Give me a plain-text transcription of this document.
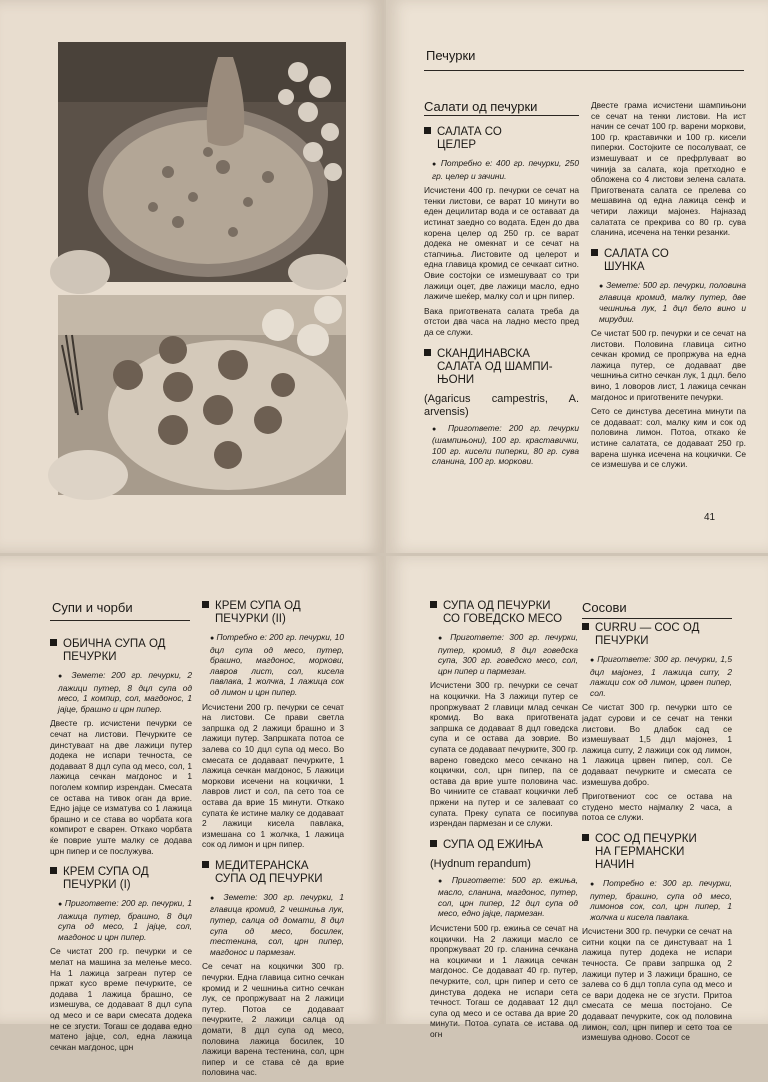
Печурки
Салати од печурки
САЛАТА СО
ЦЕЛЕР

● Потребно е: 400 гр. печурки, 250 гр. целер и зачини.

Исчистени 400 гр. печурки се сечат на тенки листови, се варат 10 минути во еден децилитар вода и се оставаат да истинат заедно со водата. Еден до два корена целер од 250 гр. се варат додека не омекнат и се сечат на стапчиња. Листовите од целерот и една главица кромид се сечкаат ситно. Овие состојки се измешуваат со три лажици оцет, две лажици масло, едно лажиче шеќер, малку сол и црн пипер.

Вака приготвената салата треба да отстои два часа на ладно место пред да се служи.

СКАНДИНАВСКА
САЛАТА ОД ШАМПИ-
ЊОНИ
(Agaricus campestris, A. arvensis)

● Пригответе: 200 гр. печурки (шампињони), 100 гр. краставички, 100 гр. кисели пиперки, 80 гр. сува сланина, 100 гр. моркови.

Двесте грама исчистени шампињони се сечат на тенки листови. На ист начин се сечат 100 гр. варени моркови, 100 гр. краставички и 100 гр. кисели пиперки. Состојките се посолуваат, се измешуваат и се префрлуваат во чинија за салата, која претходно е обложена со 4 листови зелена салата. Приготвената салата се прелева со мешавина од една лажица сенф и четири лажици мајонез. Најназад салатата се прекрива со 80 гр. сува сланина, исечена на тенки резанки.

САЛАТА СО
ШУНКА

● Земете: 500 гр. печурки, половина главица кромид, малку путер, две чешниња лук, 1 дцл бело вино и мирудии.

Се чистат 500 гр. печурки и се сечат на листови. Половина главица ситно сечкан кромид се пропржува на една лажица путер, се додаваат две чешниња ситно сечкан лук, 1 дцл. бело вино, 1 ловоров лист, 1 лажица сечкан магдонос и приготвените печурки.

Сето се динстува десетина минути па се додаваат: сол, малку ким и сок од половина лимон. Потоа, откако ќе истине салатата, се додаваат 250 гр. варена шунка исечена на коцкички. Се се измешува и се служи.

41
Супи и чорби
ОБИЧНА СУПА ОД
ПЕЧУРКИ

● Земете: 200 гр. печурки, 2 лажици путер, 8 дцл супа од месо, 1 компир, сол, магдонос, 1 јајце, брашно и црн пипер.

Двесте гр. исчистени печурки се сечат на листови. Печурките се динстуваат на две лажици путер додека не испари течноста, се додаваат 8 дцл супа од месо, сол, 1 лажица сечкан магдонос и 1 поголем компир изрендан. Смесата се остава на тивок оган да врие. Едно јајце се изматува со 1 лажица брашно и се става во чорбата кога компирот е сварен. Откако чорбата ќе поврие уште малку се додава црн пипер и се послужува.

КРЕМ СУПА ОД
ПЕЧУРКИ (I)

● Пригответе: 200 гр. печурки, 1 лажица путер, брашно, 8 дцл супа од месо, 1 јајце, сол, магдонос и црн пипер.

Се чистат 200 гр. печурки и се мелат на машина за мелење месо. На 1 лажица загреан путер се пржат кусо време печурките, се додава 1 лажица брашно, се измешува, се додаваат 8 дцл супа од месо и се вари смесата додека не се згусти. Тогаш се додава едно матено јајце, сол, една лажица сечкан магдонос, црн

КРЕМ СУПА ОД
ПЕЧУРКИ (II)

● Потребно е: 200 гр. печурки, 10 дцл супа од месо, путер, брашно, магдонос, моркови, лавров лист, сол, кисела павлака, 1 жолчка, 1 лажица сок од лимон и црн пипер.

Исчистени 200 гр. печурки се сечат на листови. Се прави светла запршка од 2 лажици брашно и 3 лажици путер. Запршката потоа се залева со 10 дцл супа од месо. Во смесата се додаваат печурките, 1 лажица сечкан магдонос, 5 лажици моркови исечени на коцкички, 1 лавров лист и сол, па сето тоа се остава да врие 15 минути. Откако супата ќе истине малку се додаваат 2 лажици кисела павлака, измешана со 1 жолчка, 1 лажица сок од лимон и црн пипер.

МЕДИТЕРАНСКА
СУПА ОД ПЕЧУРКИ

● Земете: 300 гр. печурки, 1 главица кромид, 2 чешниња лук, путер, салца од домати, 8 дцл супа од месо, босилек, тестенина, сол, црн пипер, магдонос и пармезан.

Се сечат на коцкички 300 гр. печурки. Една главица ситно сечкан кромид и 2 чешниња ситно сечкан лук, се пропржуваат на 2 лажици путер. Потоа се додаваат печурките, 2 лажици салца од домати, 8 дцл супа од месо, половина лажица босилек, 10 лажици варена тестенина, сол, црн пипер и се става сè да врие половина час.

СУПА ОД ПЕЧУРКИ
СО ГОВЕДСКО МЕСО

● Пригответе: 300 гр. печурки, путер, кромид, 8 дцл говедска супа, 300 гр. говедско месо, сол, црн пипер и пармезан.

Исчистени 300 гр. печурки се сечат на коцкички. На 3 лажици путер се пропржуваат 2 главици млад сечкан кромид. Во вака приготвената запршка се додаваат 8 дцл говедска супа и се остава да зоврие. Во супата се додаваат печурките, 300 гр. варено говедско месо сечкано на коцкички, сол, црн пипер, па се остава да врие уште половина час. Во чиниите се ставаат коцкички леб пржени на путер и се залеваат со супата. Преку супата се посипува изрендан пармезан и се служи.

СУПА ОД ЕЖИЊА
(Hydnum repandum)

● Пригответе: 500 гр. ежиња, масло, сланина, магдонос, путер, сол, црн пипер, 12 дцл супа од месо, едно јајце, пармезан.

Исчистени 500 гр. ежиња се сечат на коцкички. На 2 лажици масло се пропржуваат 20 гр. сланина сечкана на коцкички и 1 лажица сечкан магдонос. Се додаваат 40 гр. путер, печурките, сол, црн пипер и сето се динстува додека не испари сета течност. Тогаш се додаваат 12 дцл супа од месо и се остава да врие 20 минути. Потоа супата се истава од огн

Сосови
CURRU — СОС ОД
ПЕЧУРКИ

● Пригответе: 300 гр. печурки, 1,5 дцл мајонез, 1 лажица curry, 2 лажици сок од лимон, црвен пипер, сол.

Се чистат 300 гр. печурки што се јадат сурови и се сечат на тенки листови. Во длабок сад се измешуваат 1,5 дцл мајонез, 1 лажица curry, 2 лажици сок од лимон, 1 лажица црвен пипер, сол. Се додаваат печурките и смесата се измешува добро.

Приготвениот сос се остава на студено место најмалку 2 часа, а потоа се служи.

СОС ОД ПЕЧУРКИ
НА ГЕРМАНСКИ
НАЧИН

● Потребно е: 300 гр. печурки, путер, брашно, супа од месо, лимонов сок, сол, црн пипер, 1 жолчка и кисела павлака.

Исчистени 300 гр. печурки се сечат на ситни коцки па се динстуваат на 1 лажица путер додека не испари течноста. Се прави запршка од 2 лажици путер и 3 лажици брашно, се залева со 6 дцл топла супа од месо и се вари додека не се згусти. Притоа смесата се меша постојано. Се додаваат печурките, сок од половина лимон, сол, црн пипер и сето тоа се измешува одново. Сосот се
